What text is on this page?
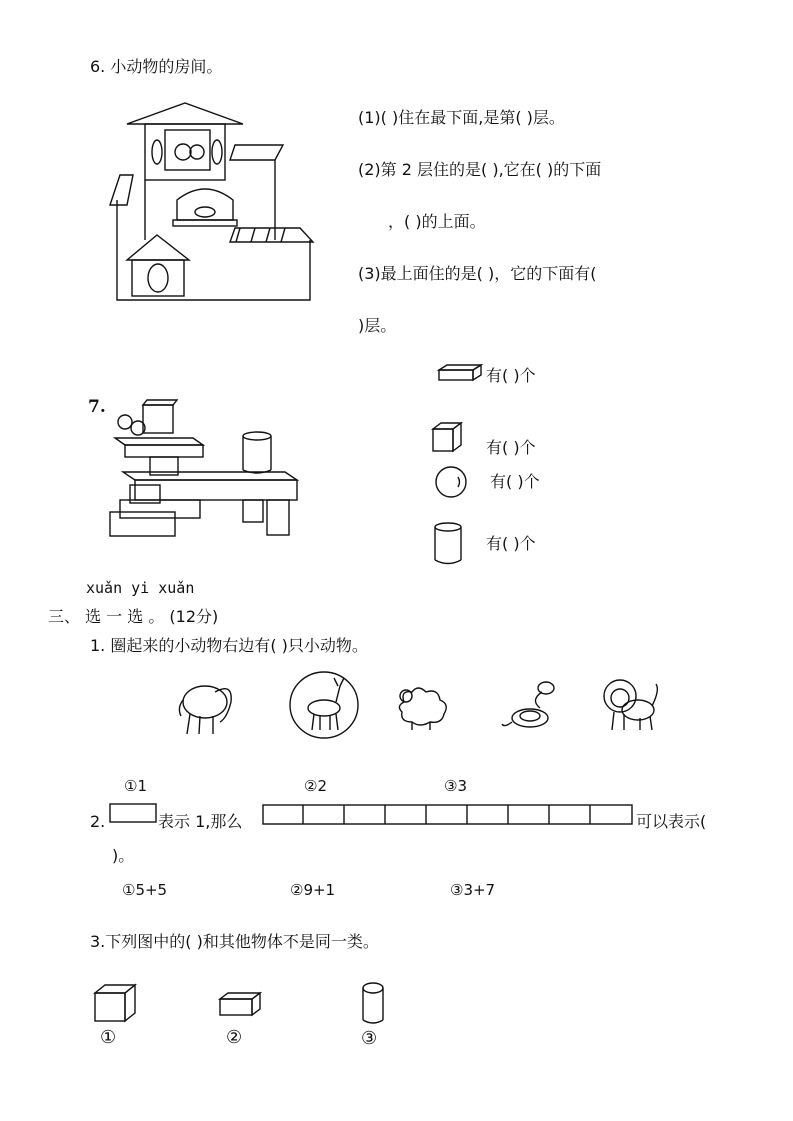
6. 小动物的房间。
(1)( )住在最下面,是第( )层。
(2)第 2 层住的是( ),它在( )的下面
，( )的上面。
(3)最上面住的是( )，它的下面有(
)层。
7.
有( )个
有( )个
有( )个
有( )个
xuǎn yi xuǎn
三、 选 一 选 。 (12分)
1. 圈起来的小动物右边有( )只小动物。
①1	②2	③3
2.	表示 1,那么	可以表示(
)。
①5+5	②9+1	③3+7
3.下列图中的( )和其他物体不是同一类。
①	②	③
